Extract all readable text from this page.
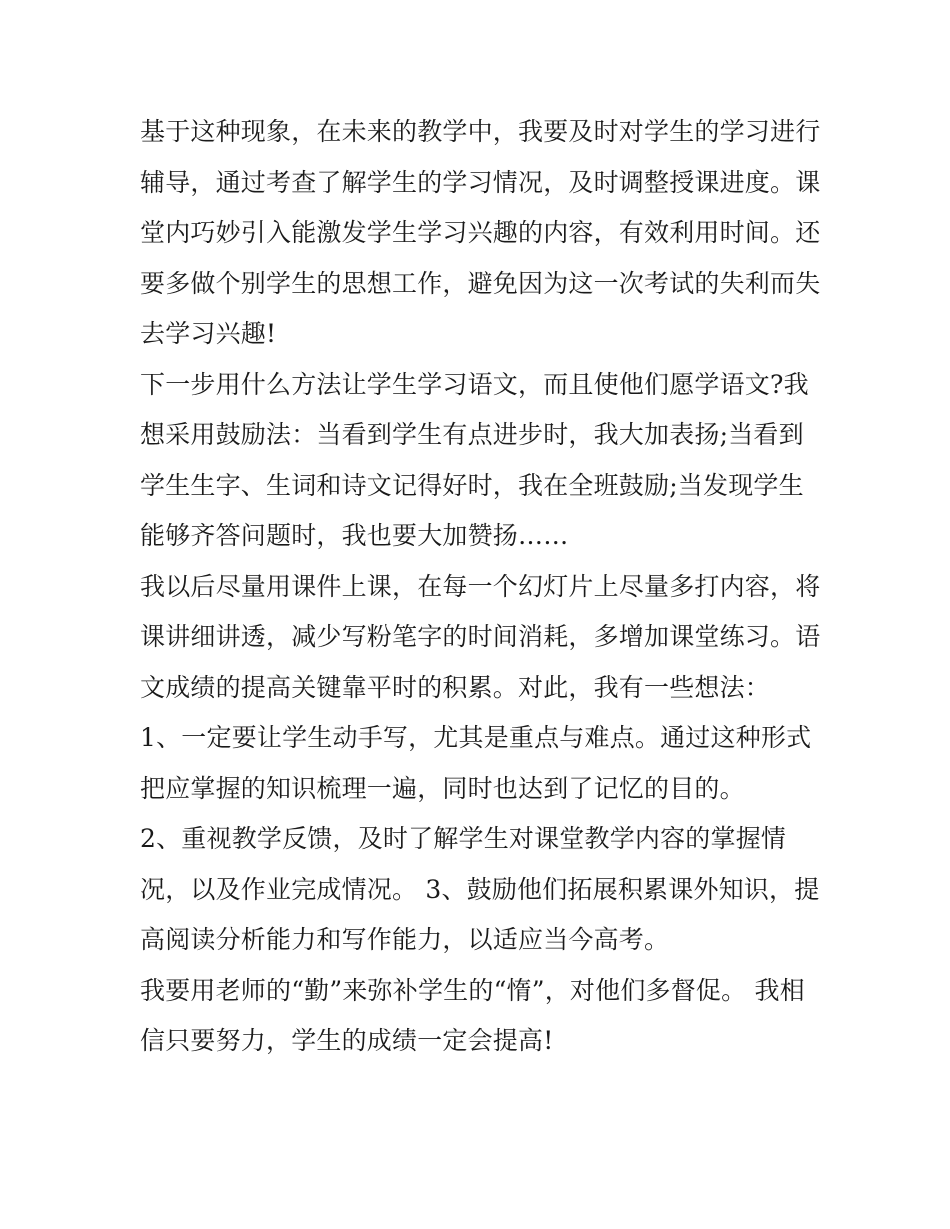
基于这种现象，在未来的教学中，我要及时对学生的学习进行
辅导，通过考查了解学生的学习情况，及时调整授课进度。课
堂内巧妙引入能激发学生学习兴趣的内容，有效利用时间。还
要多做个别学生的思想工作，避免因为这一次考试的失利而失
去学习兴趣!
下一步用什么方法让学生学习语文，而且使他们愿学语文?我
想采用鼓励法：当看到学生有点进步时，我大加表扬;当看到
学生生字、生词和诗文记得好时，我在全班鼓励;当发现学生
能够齐答问题时，我也要大加赞扬……
我以后尽量用课件上课，在每一个幻灯片上尽量多打内容，将
课讲细讲透，减少写粉笔字的时间消耗，多增加课堂练习。语
文成绩的提高关键靠平时的积累。对此，我有一些想法：
1、一定要让学生动手写，尤其是重点与难点。通过这种形式
把应掌握的知识梳理一遍，同时也达到了记忆的目的。
2、重视教学反馈，及时了解学生对课堂教学内容的掌握情
况，以及作业完成情况。 3、鼓励他们拓展积累课外知识，提
高阅读分析能力和写作能力，以适应当今高考。
我要用老师的“勤”来弥补学生的“惰”，对他们多督促。 我相
信只要努力，学生的成绩一定会提高!
